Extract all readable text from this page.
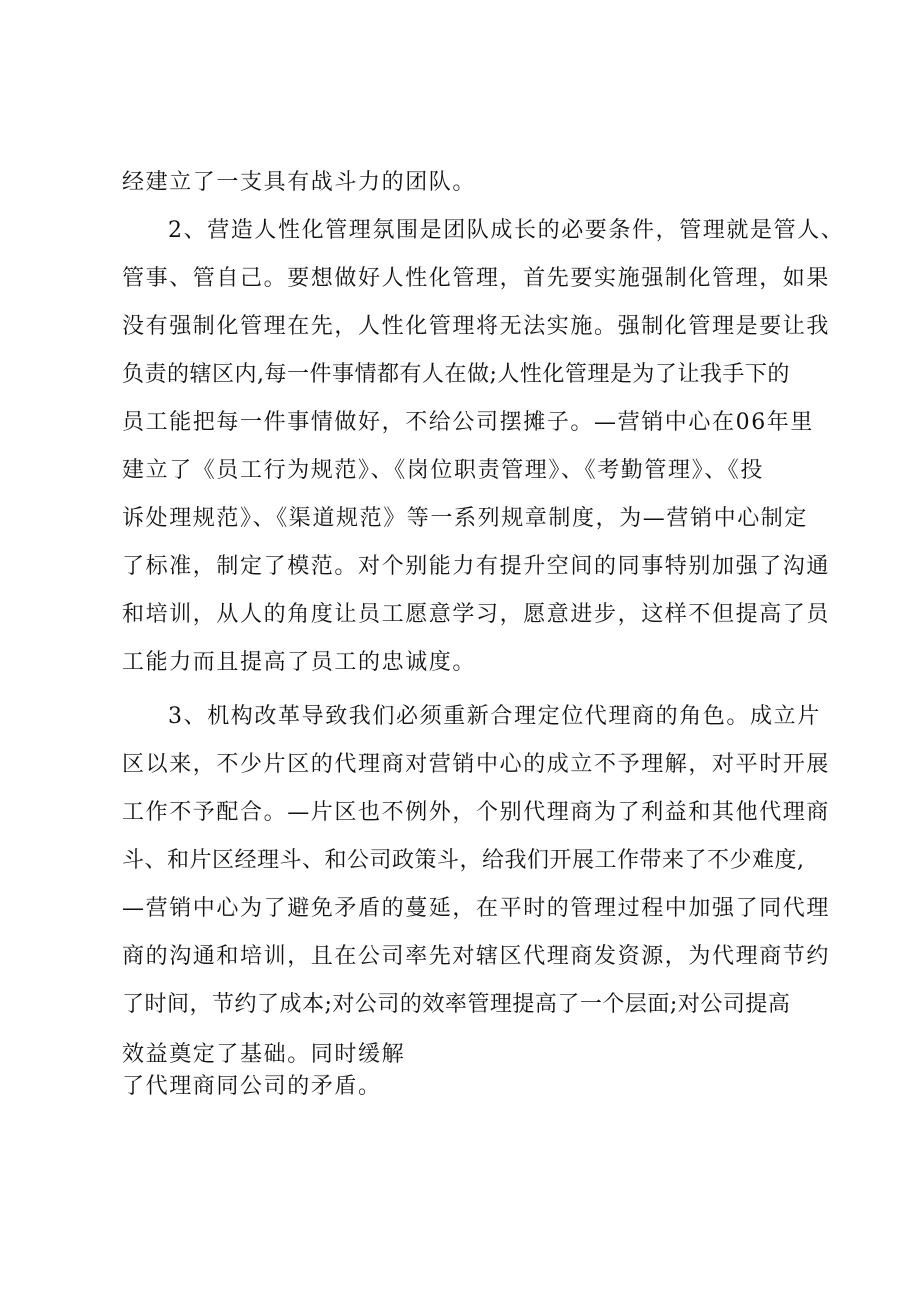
经建立了一支具有战斗力的团队。
2、营造人性化管理氛围是团队成长的必要条件，管理就是管人、
管事、管自己。要想做好人性化管理，首先要实施强制化管理，如果
没有强制化管理在先，人性化管理将无法实施。强制化管理是要让我
负责的辖区内,每一件事情都有人在做;人性化管理是为了让我手下的
员工能把每一件事情做好，不给公司摆摊子。—营销中心在06年里
建立了《员工行为规范》、《岗位职责管理》、《考勤管理》、《投
诉处理规范》、《渠道规范》等一系列规章制度，为—营销中心制定
了标准，制定了模范。对个别能力有提升空间的同事特别加强了沟通
和培训，从人的角度让员工愿意学习，愿意进步，这样不但提高了员
工能力而且提高了员工的忠诚度。
3、机构改革导致我们必须重新合理定位代理商的角色。成立片
区以来，不少片区的代理商对营销中心的成立不予理解，对平时开展
工作不予配合。—片区也不例外，个别代理商为了利益和其他代理商
斗、和片区经理斗、和公司政策斗，给我们开展工作带来了不少难度,
—营销中心为了避免矛盾的蔓延，在平时的管理过程中加强了同代理
商的沟通和培训，且在公司率先对辖区代理商发资源，为代理商节约
了时间，节约了成本;对公司的效率管理提高了一个层面;对公司提高
效益奠定了基础。同时缓解
了代理商同公司的矛盾。
